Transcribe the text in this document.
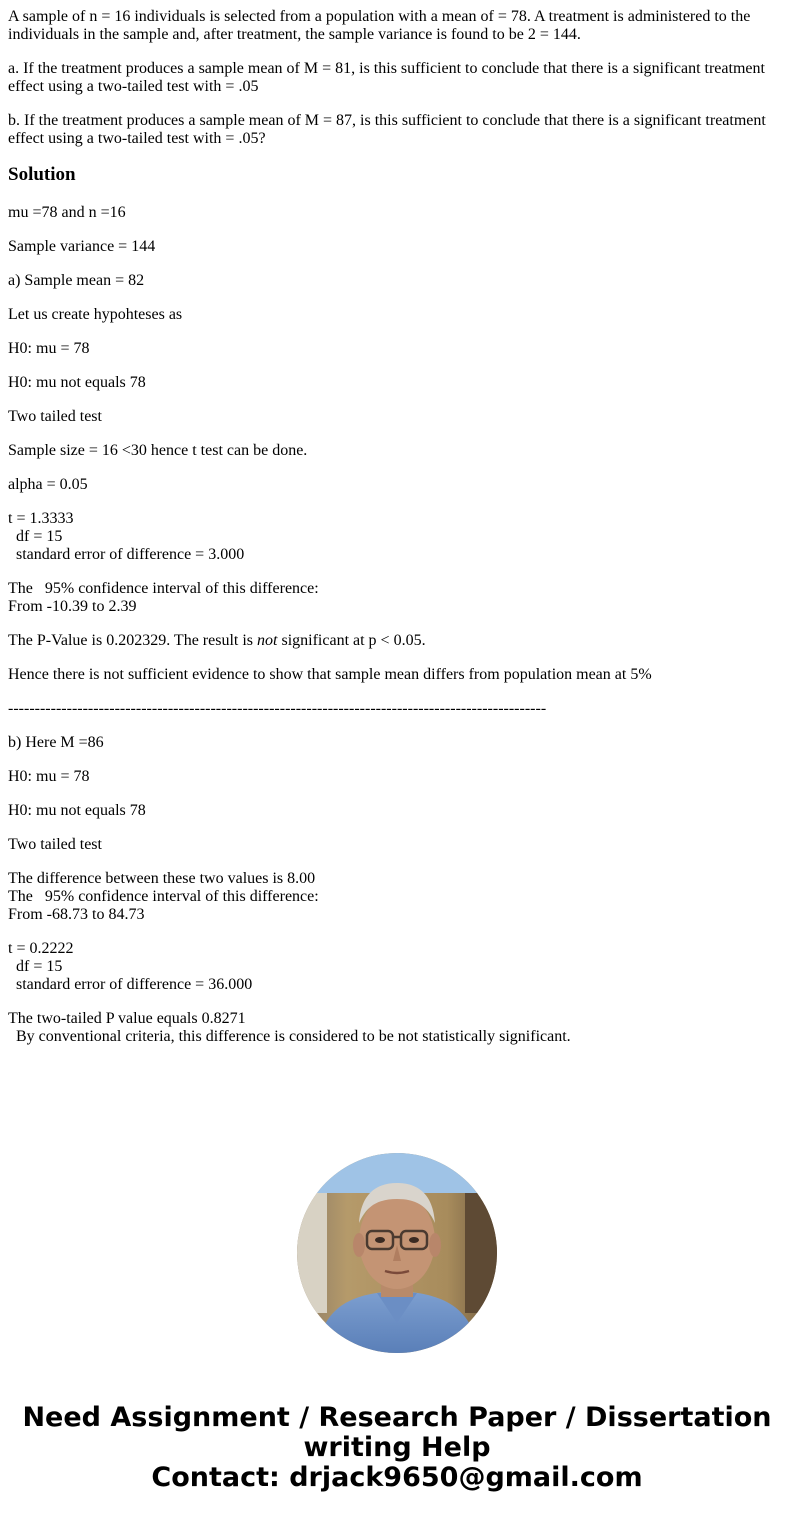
A sample of n = 16 individuals is selected from a population with a mean of = 78. A treatment is administered to the individuals in the sample and, after treatment, the sample variance is found to be 2 = 144.

a. If the treatment produces a sample mean of M = 81, is this sufficient to conclude that there is a significant treatment effect using a two-tailed test with = .05

b. If the treatment produces a sample mean of M = 87, is this sufficient to conclude that there is a significant treatment effect using a two-tailed test with = .05?

Solution

mu =78 and n =16

Sample variance = 144

a) Sample mean = 82

Let us create hypohteses as

H0: mu = 78

H0: mu not equals 78

Two tailed test

Sample size = 16 <30 hence t test can be done.

alpha = 0.05

t = 1.3333
df = 15
standard error of difference = 3.000

The   95% confidence interval of this difference:
From -10.39 to 2.39

The P-Value is 0.202329. The result is not significant at p < 0.05.

Hence there is not sufficient evidence to show that sample mean differs from population mean at 5%

-----------------------------------------------------------------------------------------------------

b) Here M =86

H0: mu = 78

H0: mu not equals 78

Two tailed test

The difference between these two values is 8.00
The   95% confidence interval of this difference:
From -68.73 to 84.73

t = 0.2222
df = 15
standard error of difference = 36.000

The two-tailed P value equals 0.8271
By conventional criteria, this difference is considered to be not statistically significant.

Need Assignment / Research Paper / Dissertation
writing Help
Contact: drjack9650@gmail.com
